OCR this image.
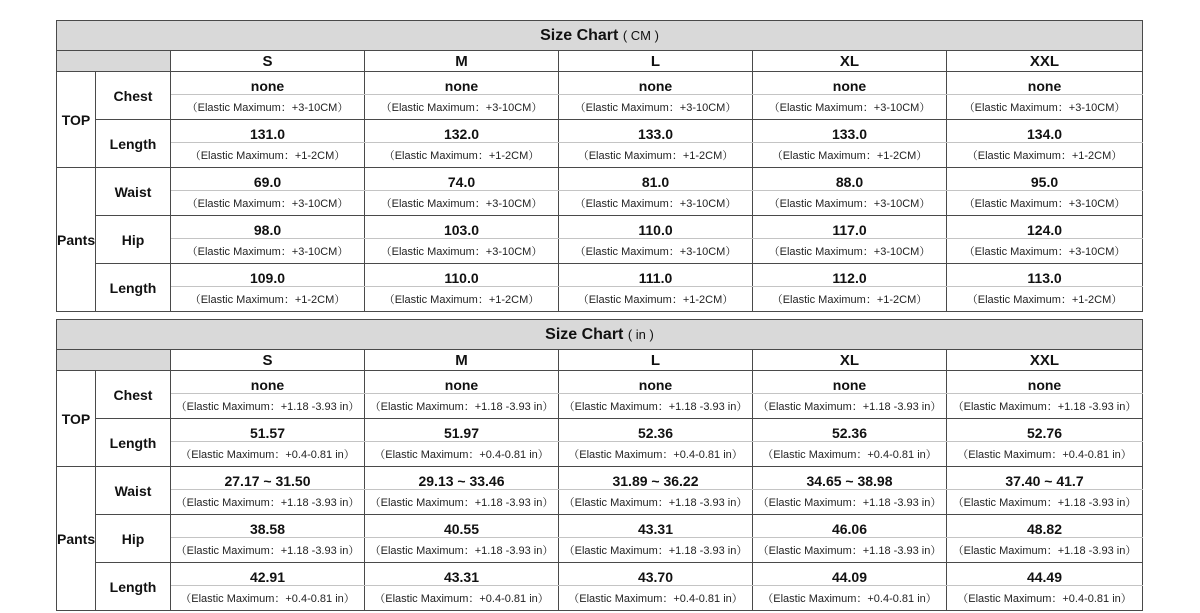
Size Chart ( CM )						
		S	M	L	XL	XXL
TOP	Chest	none	none	none	none	none
		（Elastic Maximum：+3-10CM）	（Elastic Maximum：+3-10CM）	（Elastic Maximum：+3-10CM）	（Elastic Maximum：+3-10CM）	（Elastic Maximum：+3-10CM）
	Length	131.0	132.0	133.0	133.0	134.0
		（Elastic Maximum：+1-2CM）	（Elastic Maximum：+1-2CM）	（Elastic Maximum：+1-2CM）	（Elastic Maximum：+1-2CM）	（Elastic Maximum：+1-2CM）
Pants	Waist	69.0	74.0	81.0	88.0	95.0
		（Elastic Maximum：+3-10CM）	（Elastic Maximum：+3-10CM）	（Elastic Maximum：+3-10CM）	（Elastic Maximum：+3-10CM）	（Elastic Maximum：+3-10CM）
	Hip	98.0	103.0	110.0	117.0	124.0
		（Elastic Maximum：+3-10CM）	（Elastic Maximum：+3-10CM）	（Elastic Maximum：+3-10CM）	（Elastic Maximum：+3-10CM）	（Elastic Maximum：+3-10CM）
	Length	109.0	110.0	111.0	112.0	113.0
		（Elastic Maximum：+1-2CM）	（Elastic Maximum：+1-2CM）	（Elastic Maximum：+1-2CM）	（Elastic Maximum：+1-2CM）	（Elastic Maximum：+1-2CM）
Size Chart ( in )						
		S	M	L	XL	XXL
TOP	Chest	none	none	none	none	none
		（Elastic Maximum：+1.18 -3.93 in）	（Elastic Maximum：+1.18 -3.93 in）	（Elastic Maximum：+1.18 -3.93 in）	（Elastic Maximum：+1.18 -3.93 in）	（Elastic Maximum：+1.18 -3.93 in）
	Length	51.57	51.97	52.36	52.36	52.76
		（Elastic Maximum：+0.4-0.81 in）	（Elastic Maximum：+0.4-0.81 in）	（Elastic Maximum：+0.4-0.81 in）	（Elastic Maximum：+0.4-0.81 in）	（Elastic Maximum：+0.4-0.81 in）
Pants	Waist	27.17 ~ 31.50	29.13 ~ 33.46	31.89 ~ 36.22	34.65 ~ 38.98	37.40 ~ 41.7
		（Elastic Maximum：+1.18 -3.93 in）	（Elastic Maximum：+1.18 -3.93 in）	（Elastic Maximum：+1.18 -3.93 in）	（Elastic Maximum：+1.18 -3.93 in）	（Elastic Maximum：+1.18 -3.93 in）
	Hip	38.58	40.55	43.31	46.06	48.82
		（Elastic Maximum：+1.18 -3.93 in）	（Elastic Maximum：+1.18 -3.93 in）	（Elastic Maximum：+1.18 -3.93 in）	（Elastic Maximum：+1.18 -3.93 in）	（Elastic Maximum：+1.18 -3.93 in）
	Length	42.91	43.31	43.70	44.09	44.49
		（Elastic Maximum：+0.4-0.81 in）	（Elastic Maximum：+0.4-0.81 in）	（Elastic Maximum：+0.4-0.81 in）	（Elastic Maximum：+0.4-0.81 in）	（Elastic Maximum：+0.4-0.81 in）
